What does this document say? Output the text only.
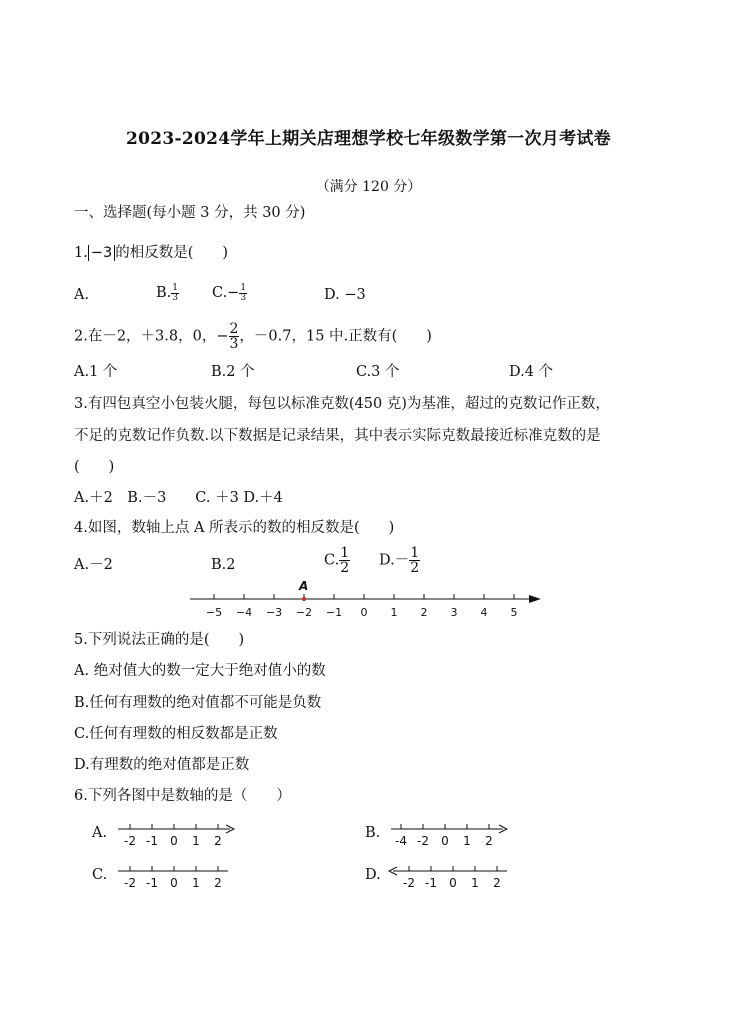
2023-2024学年上期关店理想学校七年级数学第一次月考试卷
（满分 120 分）
一、选择题(每小题 3 分，共 30 分)
1. −3 的相反数是(　　)
A.	B. $\frac{1}{3} C.- \frac{1}{3}$	D. −3
2.在－2，＋3.8，0，− $\frac{2}{3}$ ，－0.7，15 中.正数有(　　)
A.1 个	B.2 个	C.3 个	D.4 个
3.有四包真空小包装火腿，每包以标准克数(450 克)为基准，超过的克数记作正数，
不足的克数记作负数.以下数据是记录结果，其中表示实际克数最接近标准克数的是
(　　)
A.＋2　B.－3　　C. ＋3 D.＋4
4.如图，数轴上点 A 所表示的数的相反数是(　　)
A.－2	B.2	C. $\frac{1}{2} D.- \frac{1}{2}$
−5 −4 −3 −2 −1 0 1 2 3 4 5
A
5.下列说法正确的是(　　)
A. 绝对值大的数一定大于绝对值小的数
B.任何有理数的绝对值都不可能是负数
C.任何有理数的相反数都是正数
D.有理数的绝对值都是正数
6.下列各图中是数轴的是（　　）
A.	B.
C.	D.
-2 -1 0 1 2	-4 -2 0 1 2
-2 -1 0 1 2	-2 -1 0 1 2
